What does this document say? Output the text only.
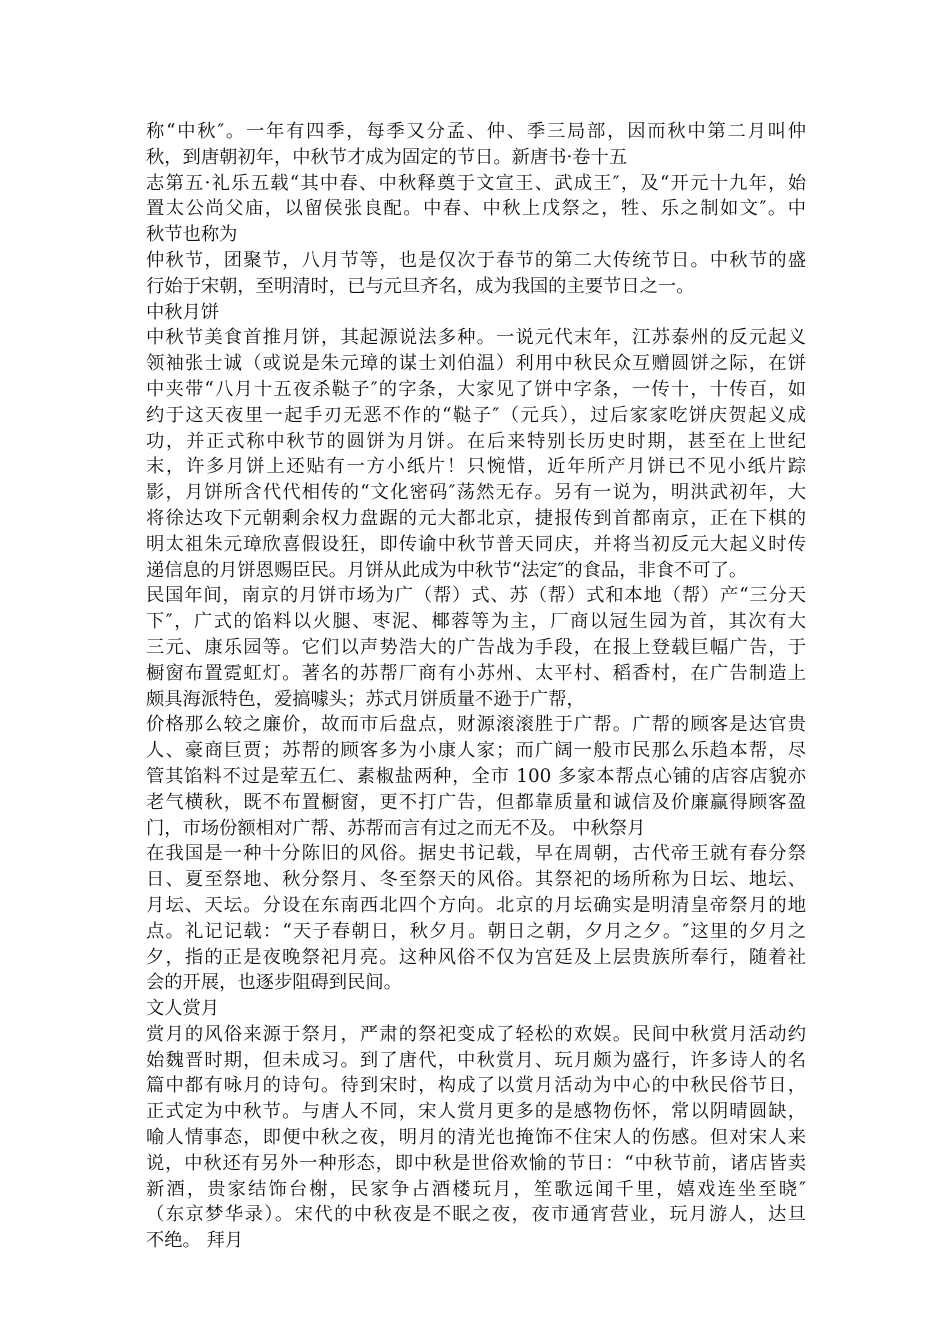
称“中秋″。一年有四季，每季又分孟、仲、季三局部，因而秋中第二月叫仲
秋，到唐朝初年，中秋节才成为固定的节日。新唐书·卷十五
志第五·礼乐五载“其中春、中秋释奠于文宣王、武成王″，及“开元十九年，始
置太公尚父庙，以留侯张良配。中春、中秋上戊祭之，牲、乐之制如文″。中
秋节也称为
仲秋节，团聚节，八月节等，也是仅次于春节的第二大传统节日。中秋节的盛
行始于宋朝，至明清时，已与元旦齐名，成为我国的主要节日之一。
中秋月饼
中秋节美食首推月饼，其起源说法多种。一说元代末年，江苏泰州的反元起义
领袖张士诚（或说是朱元璋的谋士刘伯温）利用中秋民众互赠圆饼之际，在饼
中夹带“八月十五夜杀鞑子″的字条，大家见了饼中字条，一传十，十传百，如
约于这天夜里一起手刃无恶不作的“鞑子″（元兵），过后家家吃饼庆贺起义成
功，并正式称中秋节的圆饼为月饼。在后来特别长历史时期，甚至在上世纪
末，许多月饼上还贴有一方小纸片！只惋惜，近年所产月饼已不见小纸片踪
影，月饼所含代代相传的“文化密码″荡然无存。另有一说为，明洪武初年，大
将徐达攻下元朝剩余权力盘踞的元大都北京，捷报传到首都南京，正在下棋的
明太祖朱元璋欣喜假设狂，即传谕中秋节普天同庆，并将当初反元大起义时传
递信息的月饼恩赐臣民。月饼从此成为中秋节“法定″的食品，非食不可了。
民国年间，南京的月饼市场为广（帮）式、苏（帮）式和本地（帮）产“三分天
下″，广式的馅料以火腿、枣泥、椰蓉等为主，厂商以冠生园为首，其次有大
三元、康乐园等。它们以声势浩大的广告战为手段，在报上登载巨幅广告，于
橱窗布置霓虹灯。著名的苏帮厂商有小苏州、太平村、稻香村，在广告制造上
颇具海派特色，爱搞噱头；苏式月饼质量不逊于广帮，
价格那么较之廉价，故而市后盘点，财源滚滚胜于广帮。广帮的顾客是达官贵
人、豪商巨贾；苏帮的顾客多为小康人家；而广阔一般市民那么乐趋本帮，尽
管其馅料不过是荤五仁、素椒盐两种，全市 100 多家本帮点心铺的店容店貌亦
老气横秋，既不布置橱窗，更不打广告，但都靠质量和诚信及价廉赢得顾客盈
门，市场份额相对广帮、苏帮而言有过之而无不及。 中秋祭月
在我国是一种十分陈旧的风俗。据史书记载，早在周朝，古代帝王就有春分祭
日、夏至祭地、秋分祭月、冬至祭天的风俗。其祭祀的场所称为日坛、地坛、
月坛、天坛。分设在东南西北四个方向。北京的月坛确实是明清皇帝祭月的地
点。礼记记载：“天子春朝日，秋夕月。朝日之朝，夕月之夕。″这里的夕月之
夕，指的正是夜晚祭祀月亮。这种风俗不仅为宫廷及上层贵族所奉行，随着社
会的开展，也逐步阻碍到民间。
文人赏月
赏月的风俗来源于祭月，严肃的祭祀变成了轻松的欢娱。民间中秋赏月活动约
始魏晋时期，但未成习。到了唐代，中秋赏月、玩月颇为盛行，许多诗人的名
篇中都有咏月的诗句。待到宋时，构成了以赏月活动为中心的中秋民俗节日，
正式定为中秋节。与唐人不同，宋人赏月更多的是感物伤怀，常以阴晴圆缺，
喻人情事态，即便中秋之夜，明月的清光也掩饰不住宋人的伤感。但对宋人来
说，中秋还有另外一种形态，即中秋是世俗欢愉的节日：“中秋节前，诸店皆卖
新酒，贵家结饰台榭，民家争占酒楼玩月，笙歌远闻千里，嬉戏连坐至晓″
（东京梦华录）。宋代的中秋夜是不眠之夜，夜市通宵营业，玩月游人，达旦
不绝。 拜月
